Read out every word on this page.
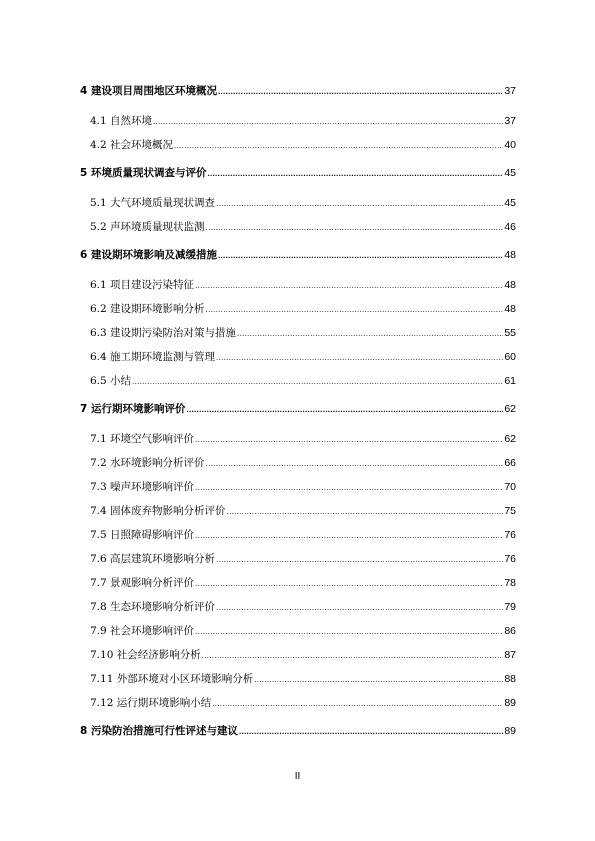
4 建设项目周围地区环境概况 .....	37
4.1 自然环境 .....	37
4.2 社会环境概况 .....	40
5 环境质量现状调查与评价 .....	45
5.1 大气环境质量现状调查 .....	45
5.2 声环境质量现状监测 .....	46
6 建设期环境影响及减缓措施 .....	48
6.1 项目建设污染特征 .....	48
6.2 建设期环境影响分析 .....	48
6.3 建设期污染防治对策与措施 .....	55
6.4 施工期环境监测与管理 .....	60
6.5 小结 .....	61
7 运行期环境影响评价 .....	62
7.1 环境空气影响评价 .....	62
7.2 水环境影响分析评价 .....	66
7.3 噪声环境影响评价 .....	70
7.4 固体废弃物影响分析评价 .....	75
7.5 日照障碍影响评价 .....	76
7.6 高层建筑环境影响分析 .....	76
7.7 景观影响分析评价 .....	78
7.8 生态环境影响分析评价 .....	79
7.9 社会环境影响评价 .....	86
7.10 社会经济影响分析 .....	87
7.11 外部环境对小区环境影响分析 .....	88
7.12 运行期环境影响小结 .....	89
8 污染防治措施可行性评述与建议 .....	89
II
